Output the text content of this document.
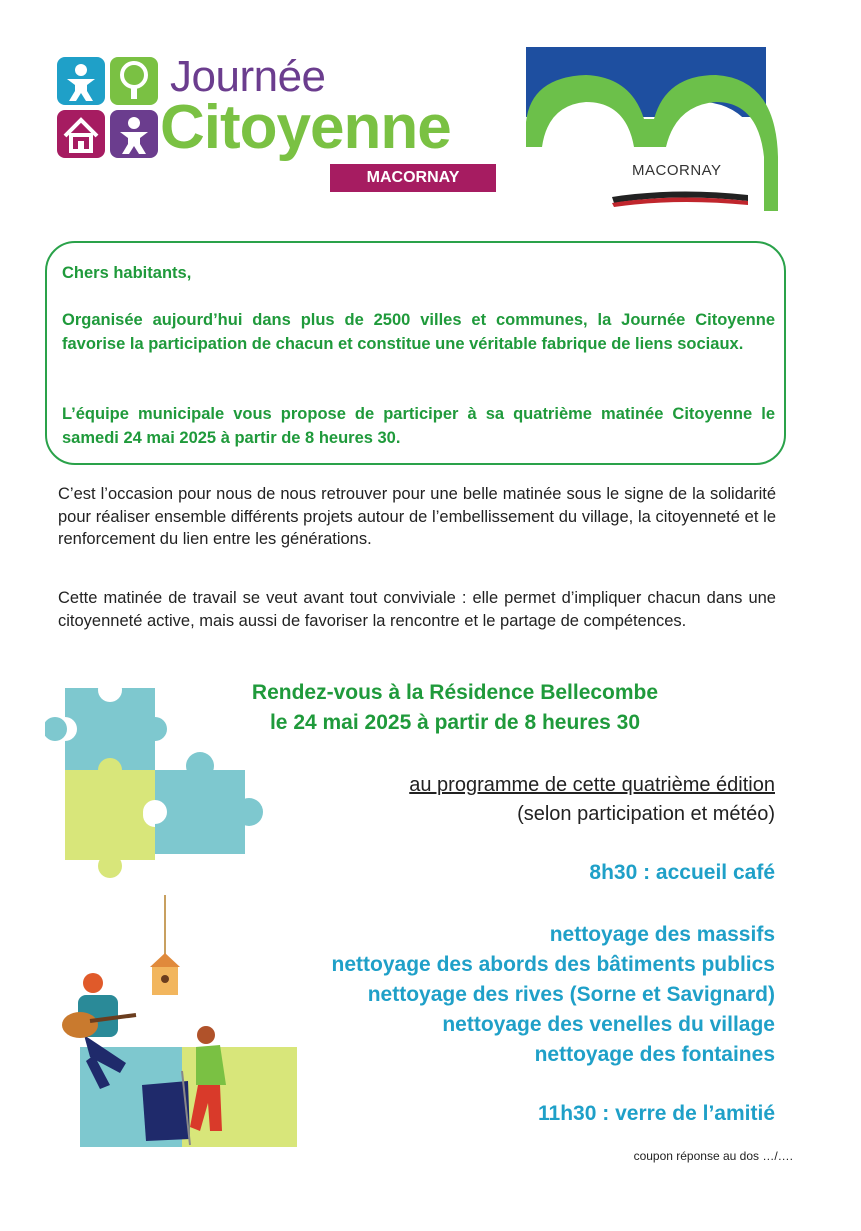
Journée
Citoyenne
MACORNAY	MACORNAY
Chers habitants,
Organisée aujourd’hui dans plus de 2500 villes et communes, la Journée Citoyenne favorise la participation de chacun et constitue une véritable fabrique de liens sociaux.
L’équipe municipale vous propose de participer à sa quatrième matinée Citoyenne le samedi 24 mai 2025 à partir de 8 heures 30.
C’est l’occasion pour nous de nous retrouver pour une belle matinée sous le signe de la solidarité pour réaliser ensemble différents projets autour de l’embellissement du village, la citoyenneté et le renforcement du lien entre les générations.
Cette matinée de travail se veut avant tout conviviale : elle permet d’impliquer chacun dans une citoyenneté active, mais aussi de favoriser la rencontre et le partage de compétences.
Rendez-vous à la Résidence Bellecombe
le 24 mai 2025 à partir de 8 heures 30
au programme de cette quatrième édition
(selon participation et météo)
8h30 : accueil café
nettoyage des massifs
nettoyage des abords des bâtiments publics
nettoyage des rives (Sorne et Savignard)
nettoyage des venelles du village
nettoyage des fontaines
11h30 : verre de l’amitié
coupon réponse au dos …/….
